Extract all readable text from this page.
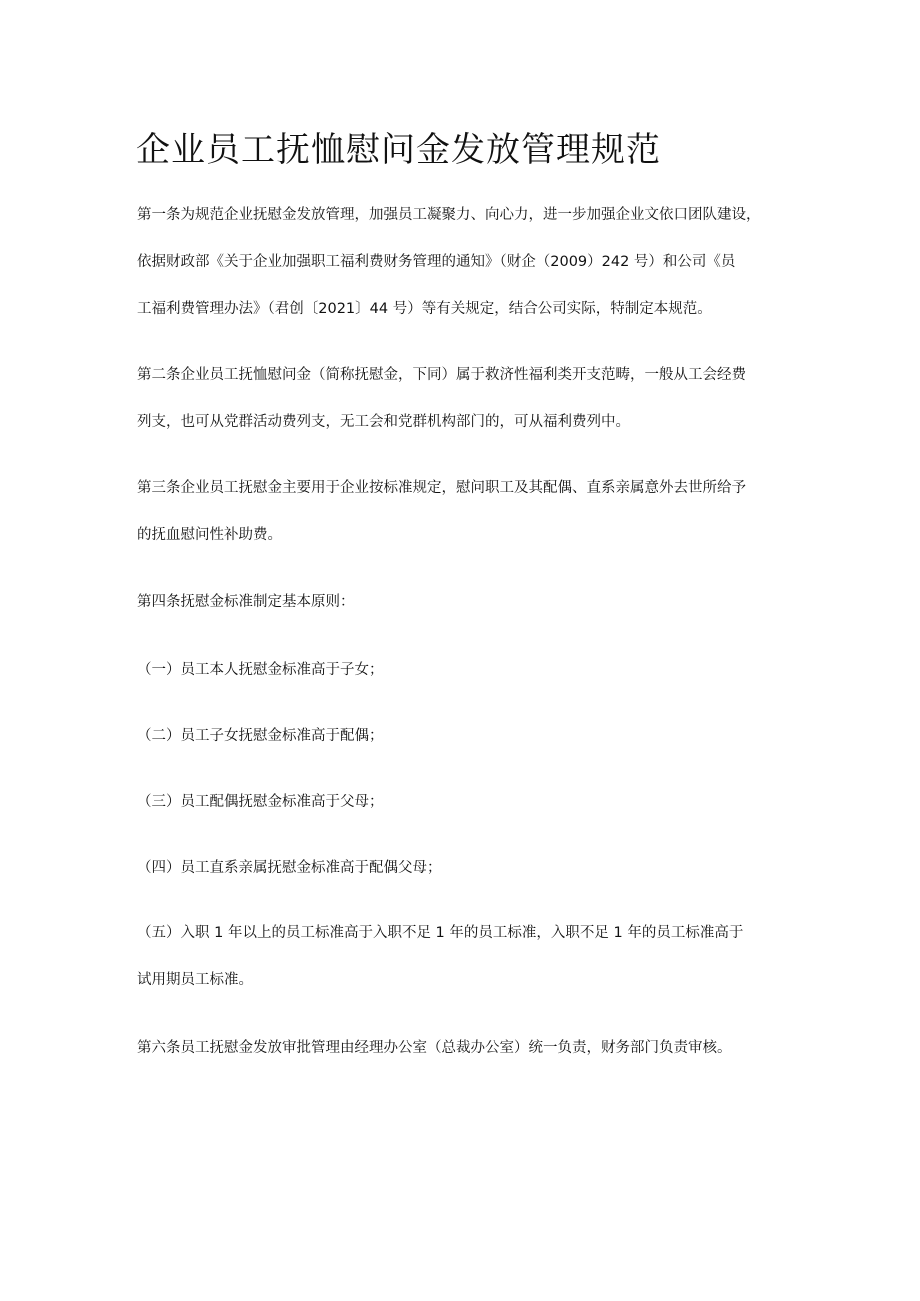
企业员工抚恤慰问金发放管理规范

第一条为规范企业抚慰金发放管理，加强员工凝聚力、向心力，进一步加强企业文依口团队建设，
依据财政部《关于企业加强职工福利费财务管理的通知》（财企（2009）242 号）和公司《员
工福利费管理办法》（君创〔2021〕44 号）等有关规定，结合公司实际，特制定本规范。

第二条企业员工抚恤慰问金（简称抚慰金，下同）属于救济性福利类开支范畴，一般从工会经费
列支，也可从党群活动费列支，无工会和党群机构部门的，可从福利费列中。

第三条企业员工抚慰金主要用于企业按标准规定，慰问职工及其配偶、直系亲属意外去世所给予
的抚血慰问性补助费。

第四条抚慰金标准制定基本原则：

（一）员工本人抚慰金标准高于子女；

（二）员工子女抚慰金标准高于配偶；

（三）员工配偶抚慰金标准高于父母；

（四）员工直系亲属抚慰金标准高于配偶父母；

（五）入职 1 年以上的员工标准高于入职不足 1 年的员工标准，入职不足 1 年的员工标准高于
试用期员工标准。

第六条员工抚慰金发放审批管理由经理办公室（总裁办公室）统一负责，财务部门负责审核。
